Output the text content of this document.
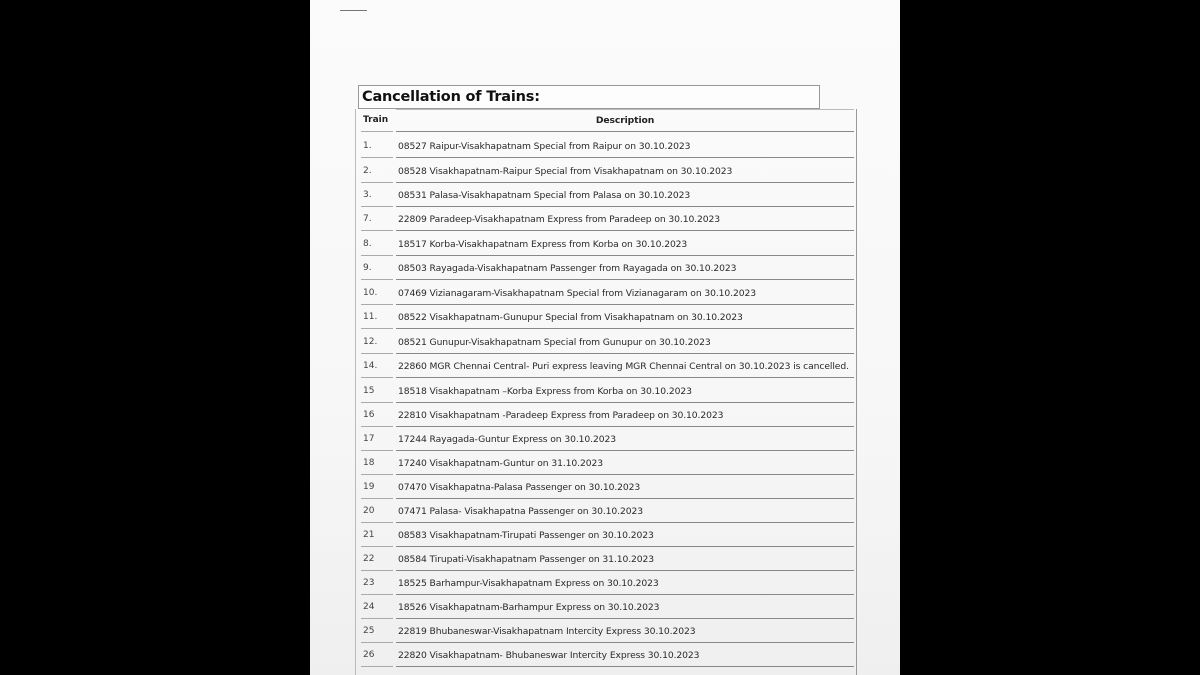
Cancellation of Trains:
Train	Description
1.	08527 Raipur-Visakhapatnam Special from Raipur on 30.10.2023
2.	08528 Visakhapatnam-Raipur Special from Visakhapatnam on 30.10.2023
3.	08531 Palasa-Visakhapatnam Special from Palasa on 30.10.2023
7.	22809 Paradeep-Visakhapatnam Express from Paradeep on 30.10.2023
8.	18517 Korba-Visakhapatnam Express from Korba on 30.10.2023
9.	08503 Rayagada-Visakhapatnam Passenger from Rayagada on 30.10.2023
10. 07469 Vizianagaram-Visakhapatnam Special from Vizianagaram on 30.10.2023
11. 08522 Visakhapatnam-Gunupur Special from Visakhapatnam on 30.10.2023
12. 08521 Gunupur-Visakhapatnam Special from Gunupur on 30.10.2023
14. 22860 MGR Chennai Central- Puri express leaving MGR Chennai Central on 30.10.2023 is cancelled.
15	18518 Visakhapatnam –Korba Express from Korba on 30.10.2023
16	22810 Visakhapatnam -Paradeep Express from Paradeep on 30.10.2023
17	17244 Rayagada-Guntur Express on 30.10.2023
18	17240 Visakhapatnam-Guntur on 31.10.2023
19	07470 Visakhapatna-Palasa Passenger on 30.10.2023
20	07471 Palasa- Visakhapatna Passenger on 30.10.2023
21	08583 Visakhapatnam-Tirupati Passenger on 30.10.2023
22	08584 Tirupati-Visakhapatnam Passenger on 31.10.2023
23	18525 Barhampur-Visakhapatnam Express on 30.10.2023
24	18526 Visakhapatnam-Barhampur Express on 30.10.2023
25	22819 Bhubaneswar-Visakhapatnam Intercity Express 30.10.2023
26	22820 Visakhapatnam- Bhubaneswar Intercity Express 30.10.2023
